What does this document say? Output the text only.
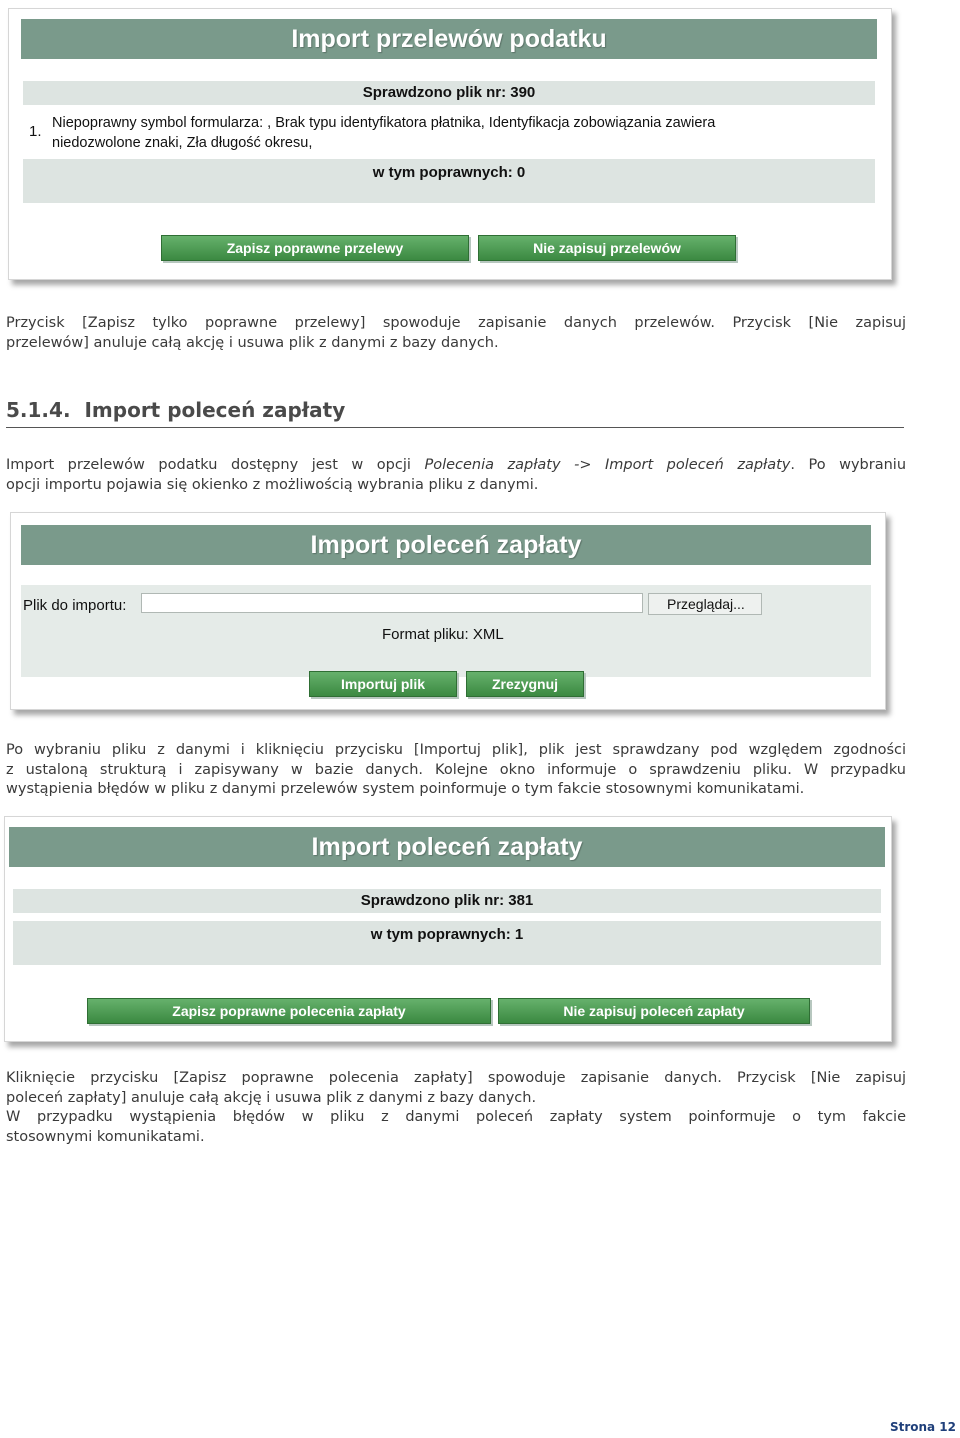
Import przelewów podatku
Sprawdzono plik nr: 390
1. Niepoprawny symbol formularza: , Brak typu identyfikatora płatnika, Identyfikacja zobowiązania zawiera
niedozwolone znaki, Zła długość okresu,
w tym poprawnych: 0
Zapisz poprawne przelewy	Nie zapisuj przelewów
Przycisk [Zapisz tylko poprawne przelewy] spowoduje zapisanie danych przelewów. Przycisk [Nie zapisuj
przelewów] anuluje całą akcję i usuwa plik z danymi z bazy danych.
5.1.4. Import poleceń zapłaty
Import przelewów podatku dostępny jest w opcji Polecenia zapłaty -> Import poleceń zapłaty. Po wybraniu
opcji importu pojawia się okienko z możliwością wybrania pliku z danymi.
Import poleceń zapłaty
Plik do importu:	Przeglądaj...
Format pliku: XML
Importuj plik	Zrezygnuj
Po wybraniu pliku z danymi i kliknięciu przycisku [Importuj plik], plik jest sprawdzany pod względem zgodności
z ustaloną strukturą i zapisywany w bazie danych. Kolejne okno informuje o sprawdzeniu pliku. W przypadku
wystąpienia błędów w pliku z danymi przelewów system poinformuje o tym fakcie stosownymi komunikatami.
Import poleceń zapłaty
Sprawdzono plik nr: 381
w tym poprawnych: 1
Zapisz poprawne polecenia zapłaty	Nie zapisuj poleceń zapłaty
Kliknięcie przycisku [Zapisz poprawne polecenia zapłaty] spowoduje zapisanie danych. Przycisk [Nie zapisuj
poleceń zapłaty] anuluje całą akcję i usuwa plik z danymi z bazy danych.
W przypadku wystąpienia błędów w pliku z danymi poleceń zapłaty system poinformuje o tym fakcie
stosownymi komunikatami.
Strona 12
